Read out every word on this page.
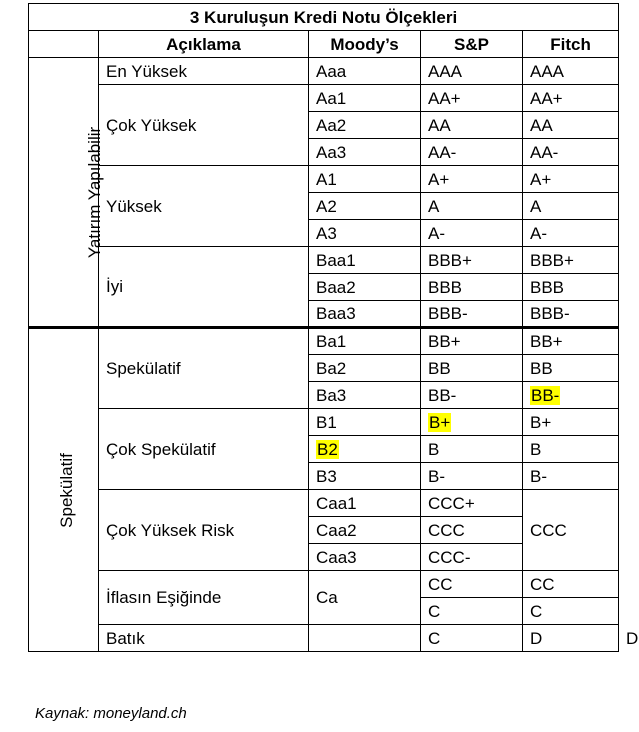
3 Kuruluşun Kredi Notu Ölçekleri					
	Açıklama	Moody’s	S&P	Fitch	
Yatırım Yapılabilir	En Yüksek	Aaa	AAA	AAA	
	Çok Yüksek	Aa1	AA+	AA+	
		Aa2	AA	AA	
		Aa3	AA-	AA-	
	Yüksek	A1	A+	A+	
		A2	A	A	
		A3	A-	A-	
	İyi	Baa1	BBB+	BBB+	
		Baa2	BBB	BBB	
		Baa3	BBB-	BBB-	
Spekülatif	Spekülatif	Ba1	BB+	BB+	
		Ba2	BB	BB	
		Ba3	BB-	BB-	
	Çok Spekülatif	B1	B+	B+	
		B2	B	B	
		B3	B-	B-	
	Çok Yüksek Risk	Caa1	CCC+	CCC	
		Caa2	CCC		
		Caa3	CCC-		
	İflasın Eşiğinde	Ca	CC	CC	
			C	C	
	Batık		C	D	D
Kaynak: moneyland.ch
